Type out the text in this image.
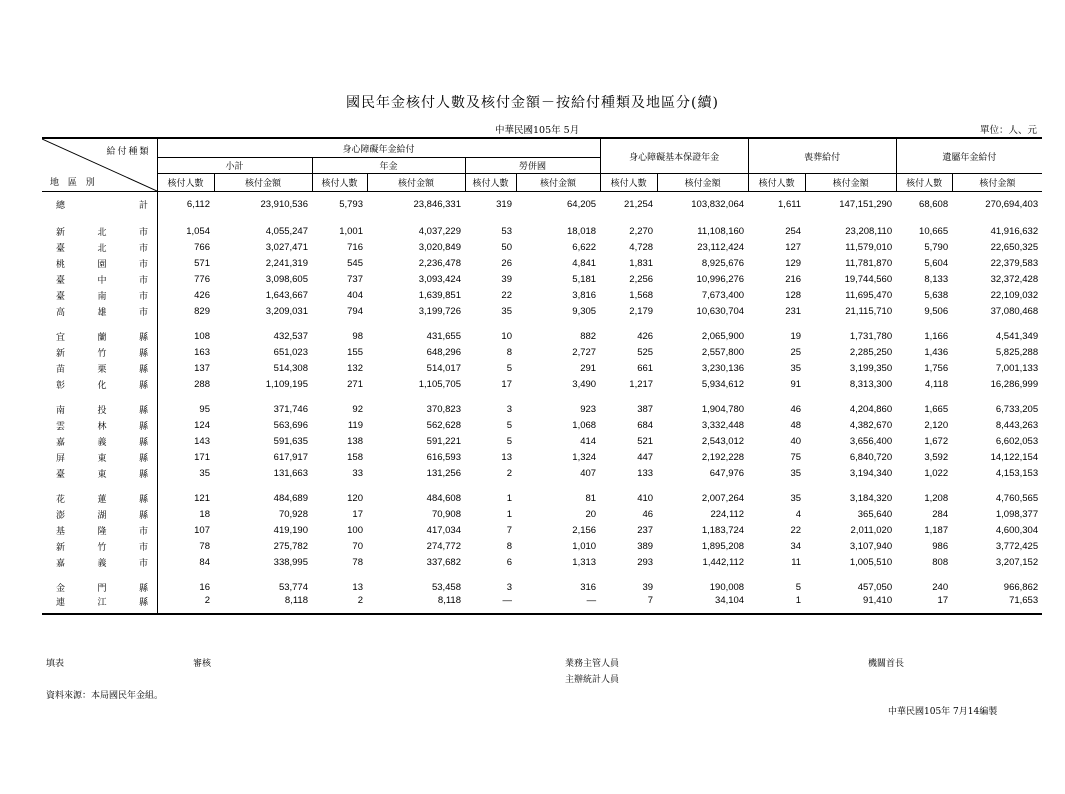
國民年金核付人數及核付金額－按給付種類及地區分(續)
中華民國105年 5月	單位：人、元
給付種類
地 區 別	身心障礙年金給付						身心障礙基本保證年金		喪葬給付		遺屬年金給付	
	小計		年金		勞併國							
	核付人數	核付金額	核付人數	核付金額	核付人數	核付金額	核付人數	核付金額	核付人數	核付金額	核付人數	核付金額
總計	6,112	23,910,536	5,793	23,846,331	319	64,205	21,254	103,832,064	1,611	147,151,290	68,608	270,694,403

新北市	1,054	4,055,247	1,001	4,037,229	53	18,018	2,270	11,108,160	254	23,208,110	10,665	41,916,632
臺北市	766	3,027,471	716	3,020,849	50	6,622	4,728	23,112,424	127	11,579,010	5,790	22,650,325
桃園市	571	2,241,319	545	2,236,478	26	4,841	1,831	8,925,676	129	11,781,870	5,604	22,379,583
臺中市	776	3,098,605	737	3,093,424	39	5,181	2,256	10,996,276	216	19,744,560	8,133	32,372,428
臺南市	426	1,643,667	404	1,639,851	22	3,816	1,568	7,673,400	128	11,695,470	5,638	22,109,032
高雄市	829	3,209,031	794	3,199,726	35	9,305	2,179	10,630,704	231	21,115,710	9,506	37,080,468

宜蘭縣	108	432,537	98	431,655	10	882	426	2,065,900	19	1,731,780	1,166	4,541,349
新竹縣	163	651,023	155	648,296	8	2,727	525	2,557,800	25	2,285,250	1,436	5,825,288
苗栗縣	137	514,308	132	514,017	5	291	661	3,230,136	35	3,199,350	1,756	7,001,133
彰化縣	288	1,109,195	271	1,105,705	17	3,490	1,217	5,934,612	91	8,313,300	4,118	16,286,999

南投縣	95	371,746	92	370,823	3	923	387	1,904,780	46	4,204,860	1,665	6,733,205
雲林縣	124	563,696	119	562,628	5	1,068	684	3,332,448	48	4,382,670	2,120	8,443,263
嘉義縣	143	591,635	138	591,221	5	414	521	2,543,012	40	3,656,400	1,672	6,602,053
屏東縣	171	617,917	158	616,593	13	1,324	447	2,192,228	75	6,840,720	3,592	14,122,154
臺東縣	35	131,663	33	131,256	2	407	133	647,976	35	3,194,340	1,022	4,153,153

花蓮縣	121	484,689	120	484,608	1	81	410	2,007,264	35	3,184,320	1,208	4,760,565
澎湖縣	18	70,928	17	70,908	1	20	46	224,112	4	365,640	284	1,098,377
基隆市	107	419,190	100	417,034	7	2,156	237	1,183,724	22	2,011,020	1,187	4,600,304
新竹市	78	275,782	70	274,772	8	1,010	389	1,895,208	34	3,107,940	986	3,772,425
嘉義市	84	338,995	78	337,682	6	1,313	293	1,442,112	11	1,005,510	808	3,207,152

金門縣	16	53,774	13	53,458	3	316	39	190,008	5	457,050	240	966,862
連江縣	2	8,118	2	8,118	—	—	7	34,104	1	91,410	17	71,653
填表	審核	業務主管人員
主辦統計人員
機關首長
資料來源：本局國民年金組。
中華民國105年 7月14編製
